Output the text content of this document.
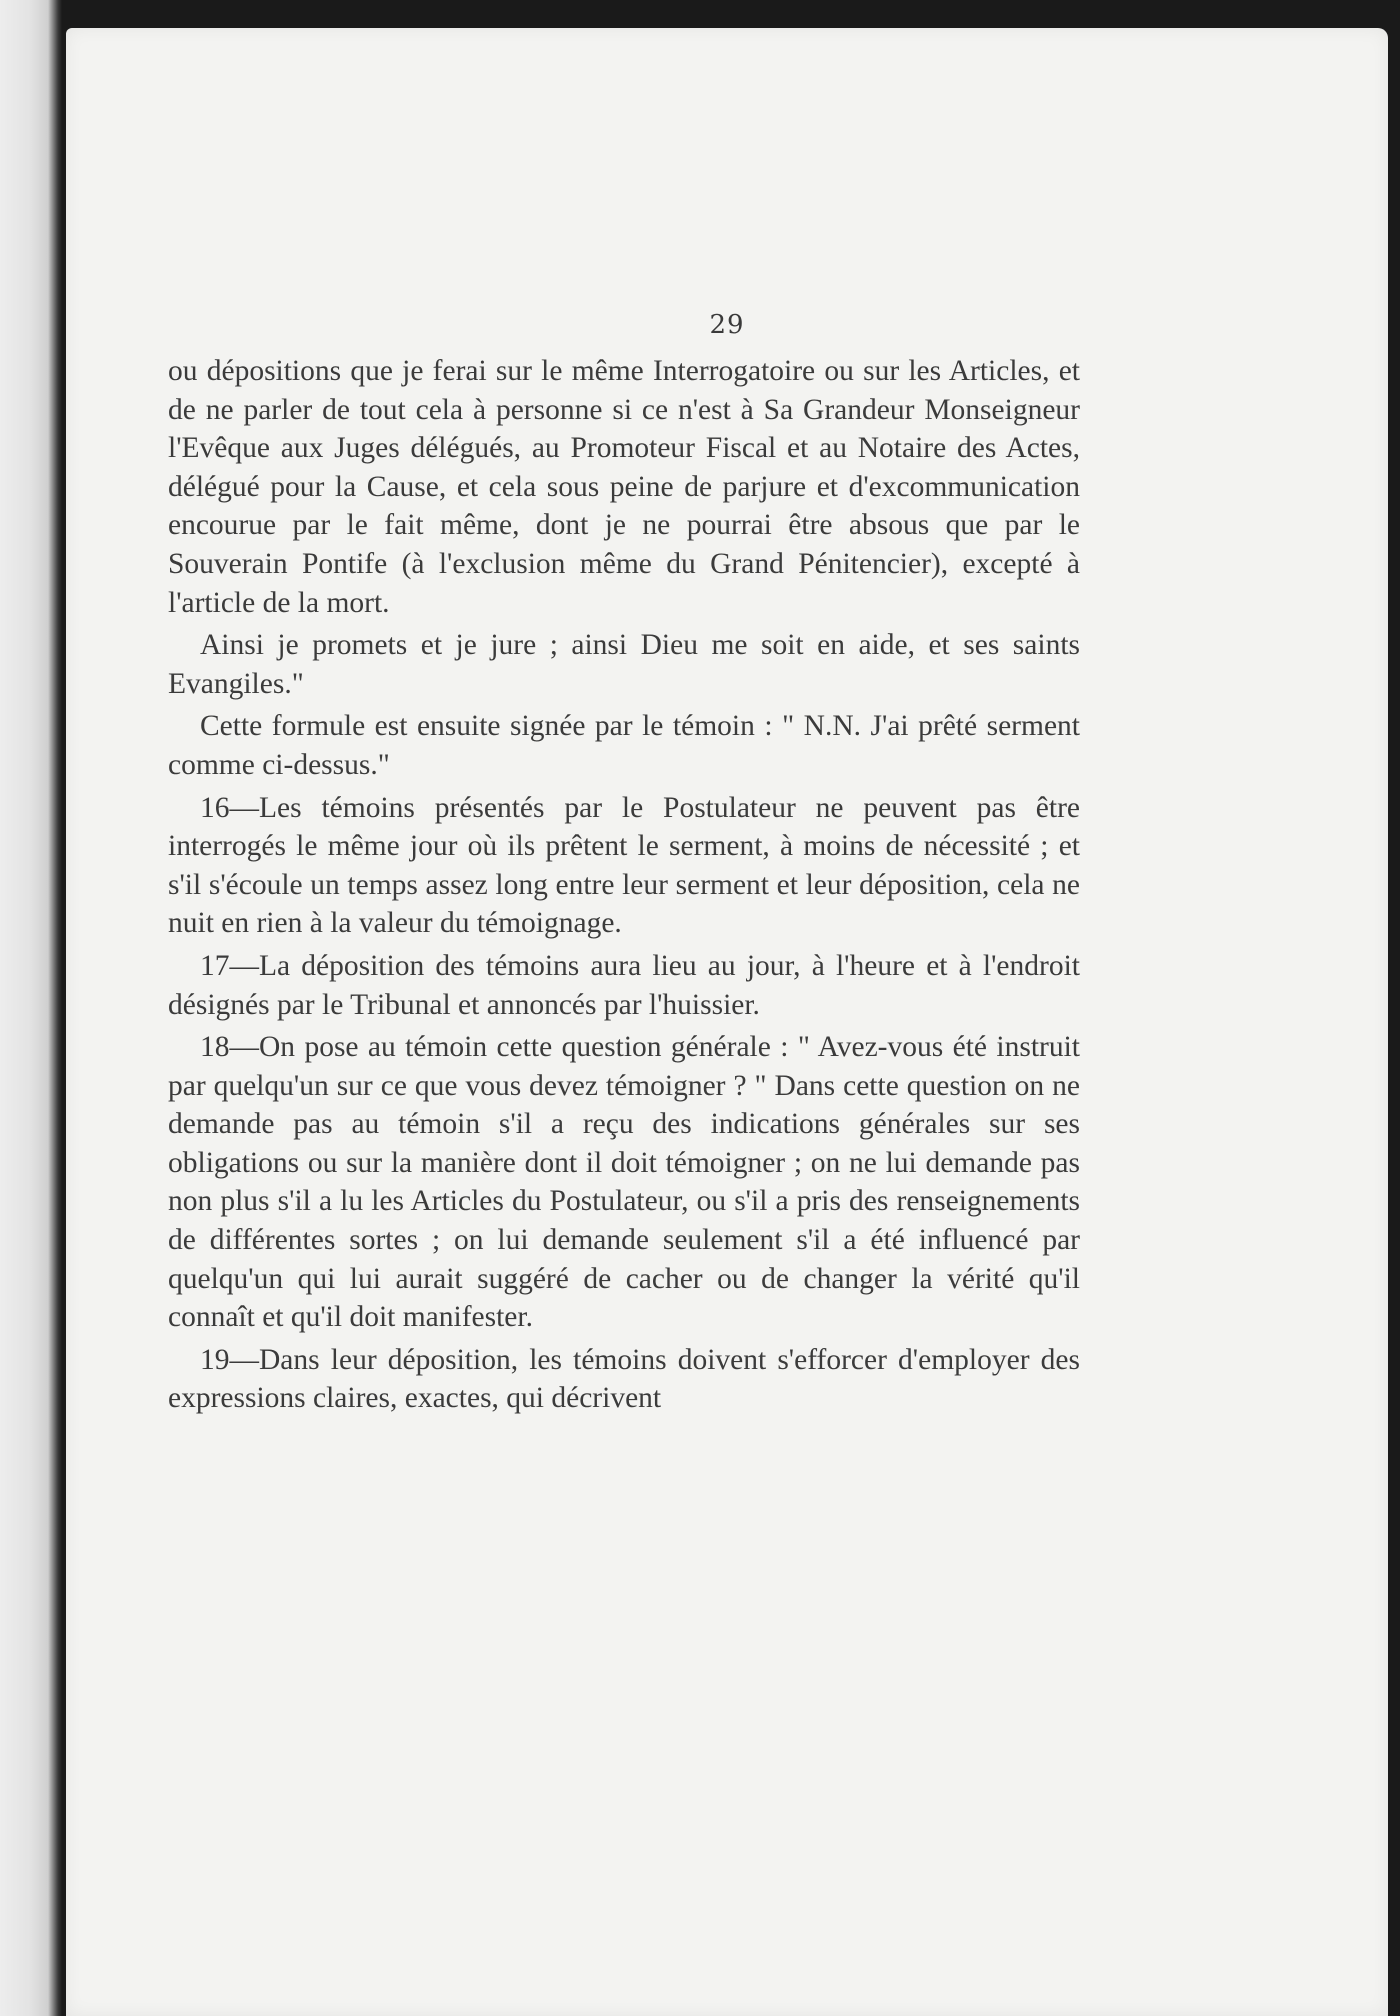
29

ou dépositions que je ferai sur le même Interrogatoire ou sur les Articles, et de ne parler de tout cela à personne si ce n'est à Sa Grandeur Monseigneur l'Evêque aux Juges délégués, au Promoteur Fiscal et au Notaire des Actes, délégué pour la Cause, et cela sous peine de parjure et d'excommunication encourue par le fait même, dont je ne pourrai être absous que par le Souverain Pontife (à l'exclusion même du Grand Pénitencier), excepté à l'article de la mort.

Ainsi je promets et je jure ; ainsi Dieu me soit en aide, et ses saints Evangiles."

Cette formule est ensuite signée par le témoin : " N.N. J'ai prêté serment comme ci-dessus."

16—Les témoins présentés par le Postulateur ne peuvent pas être interrogés le même jour où ils prêtent le serment, à moins de nécessité ; et s'il s'écoule un temps assez long entre leur serment et leur déposition, cela ne nuit en rien à la valeur du témoignage.

17—La déposition des témoins aura lieu au jour, à l'heure et à l'endroit désignés par le Tribunal et annoncés par l'huissier.

18—On pose au témoin cette question générale : " Avez-vous été instruit par quelqu'un sur ce que vous devez témoigner ? " Dans cette question on ne demande pas au témoin s'il a reçu des indications générales sur ses obligations ou sur la manière dont il doit témoigner ; on ne lui demande pas non plus s'il a lu les Articles du Postulateur, ou s'il a pris des renseignements de différentes sortes ; on lui demande seulement s'il a été influencé par quelqu'un qui lui aurait suggéré de cacher ou de changer la vérité qu'il connaît et qu'il doit manifester.

19—Dans leur déposition, les témoins doivent s'efforcer d'employer des expressions claires, exactes, qui décrivent
